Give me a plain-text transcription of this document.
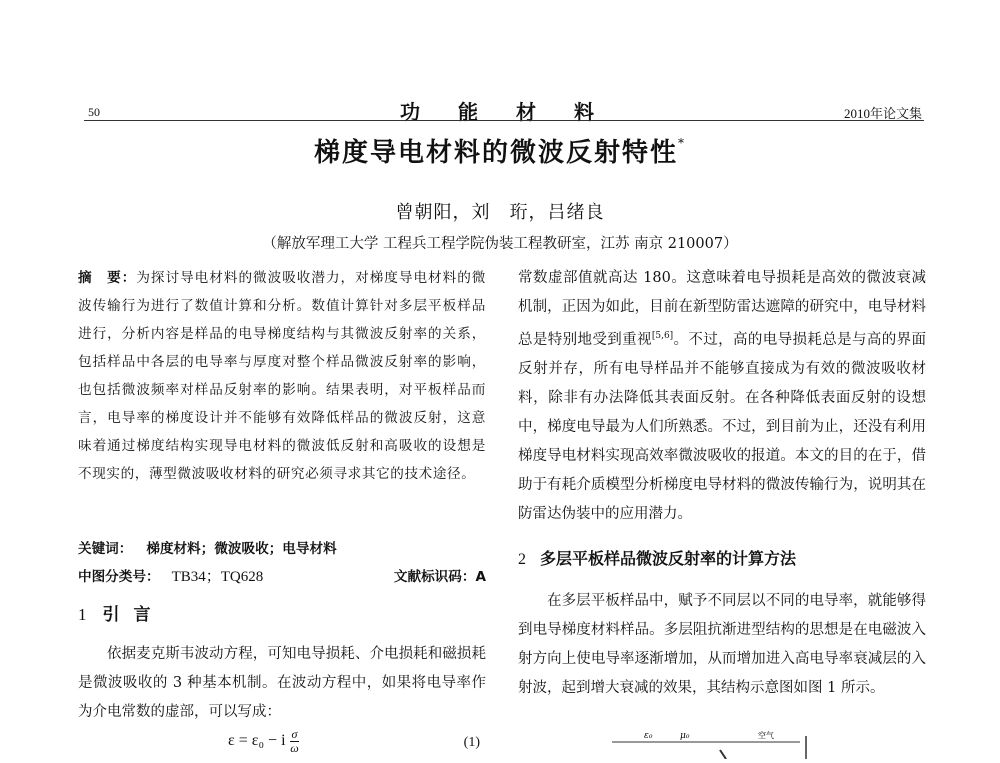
50	功能材料	2010年论文集
梯度导电材料的微波反射特性*
曾朝阳，刘　珩，吕绪良
（解放军理工大学 工程兵工程学院伪装工程教研室，江苏 南京 210007）
摘　要：为探讨导电材料的微波吸收潜力，对梯度导电材料的微波传输行为进行了数值计算和分析。数值计算针对多层平板样品进行，分析内容是样品的电导梯度结构与其微波反射率的关系，包括样品中各层的电导率与厚度对整个样品微波反射率的影响，也包括微波频率对样品反射率的影响。结果表明，对平板样品而言，电导率的梯度设计并不能够有效降低样品的微波反射，这意味着通过梯度结构实现导电材料的微波低反射和高吸收的设想是不现实的，薄型微波吸收材料的研究必须寻求其它的技术途径。
关键词： 梯度材料；微波吸收；电导材料
中图分类号： TB34；TQ628	文献标识码：A
1 引言

依据麦克斯韦波动方程，可知电导损耗、介电损耗和磁损耗是微波吸收的 3 种基本机制。在波动方程中，如果将电导率作为介电常数的虚部，可以写成：

ε = ε₀ − i $\frac{\sigma}{\omega}$	(1)
常数虚部值就高达 180。这意味着电导损耗是高效的微波衰减机制，正因为如此，目前在新型防雷达遮障的研究中，电导材料总是特别地受到重视[5,6]。不过，高的电导损耗总是与高的界面反射并存，所有电导样品并不能够直接成为有效的微波吸收材料，除非有办法降低其表面反射。在各种降低表面反射的设想中，梯度电导最为人们所熟悉。不过，到目前为止，还没有利用梯度导电材料实现高效率微波吸收的报道。本文的目的在于，借助于有耗介质模型分析梯度电导材料的微波传输行为，说明其在防雷达伪装中的应用潜力。
2 多层平板样品微波反射率的计算方法

在多层平板样品中，赋予不同层以不同的电导率，就能够得到电导梯度材料样品。多层阻抗渐进型结构的思想是在电磁波入射方向上使电导率逐渐增加，从而增加进入高电导率衰减层的入射波，起到增大衰减的效果，其结构示意图如图 1 所示。

ε₀	μ₀	空气
